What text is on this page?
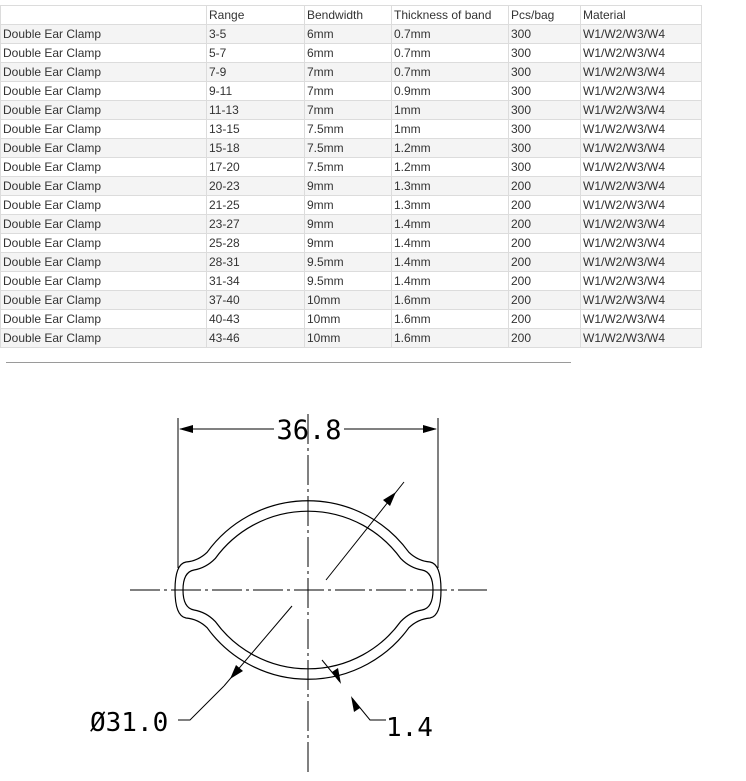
	Range	Bendwidth	Thickness of band	Pcs/bag	Material
Double Ear Clamp	3-5	6mm	0.7mm	300	W1/W2/W3/W4
Double Ear Clamp	5-7	6mm	0.7mm	300	W1/W2/W3/W4
Double Ear Clamp	7-9	7mm	0.7mm	300	W1/W2/W3/W4
Double Ear Clamp	9-11	7mm	0.9mm	300	W1/W2/W3/W4
Double Ear Clamp	11-13	7mm	1mm	300	W1/W2/W3/W4
Double Ear Clamp	13-15	7.5mm	1mm	300	W1/W2/W3/W4
Double Ear Clamp	15-18	7.5mm	1.2mm	300	W1/W2/W3/W4
Double Ear Clamp	17-20	7.5mm	1.2mm	300	W1/W2/W3/W4
Double Ear Clamp	20-23	9mm	1.3mm	200	W1/W2/W3/W4
Double Ear Clamp	21-25	9mm	1.3mm	200	W1/W2/W3/W4
Double Ear Clamp	23-27	9mm	1.4mm	200	W1/W2/W3/W4
Double Ear Clamp	25-28	9mm	1.4mm	200	W1/W2/W3/W4
Double Ear Clamp	28-31	9.5mm	1.4mm	200	W1/W2/W3/W4
Double Ear Clamp	31-34	9.5mm	1.4mm	200	W1/W2/W3/W4
Double Ear Clamp	37-40	10mm	1.6mm	200	W1/W2/W3/W4
Double Ear Clamp	40-43	10mm	1.6mm	200	W1/W2/W3/W4
Double Ear Clamp	43-46	10mm	1.6mm	200	W1/W2/W3/W4
36.8
Ø31.0	1.4
